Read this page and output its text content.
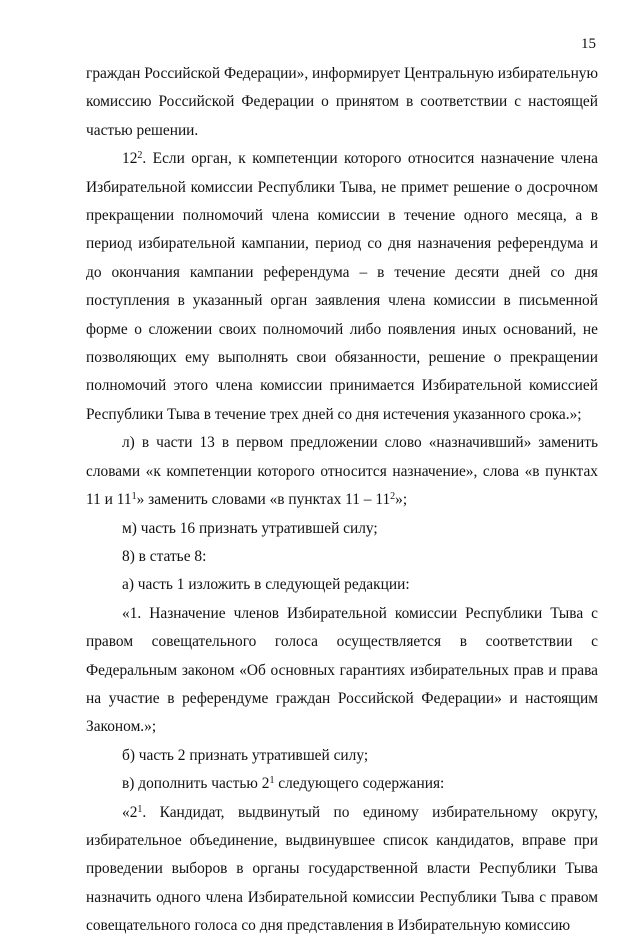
15

граждан Российской Федерации», информирует Центральную избирательную комиссию Российской Федерации о принятом в соответствии с настоящей частью решении.

$12^2$. Если орган, к компетенции которого относится назначение члена Избирательной комиссии Республики Тыва, не примет решение о досрочном прекращении полномочий члена комиссии в течение одного месяца, а в период избирательной кампании, период со дня назначения референдума и до окончания кампании референдума – в течение десяти дней со дня поступления в указанный орган заявления члена комиссии в письменной форме о сложении своих полномочий либо появления иных оснований, не позволяющих ему выполнять свои обязанности, решение о прекращении полномочий этого члена комиссии принимается Избирательной комиссией Республики Тыва в течение трех дней со дня истечения указанного срока.»;

л) в части 13 в первом предложении слово «назначивший» заменить словами «к компетенции которого относится назначение», слова «в пунктах 11 и $11^1$» заменить словами «в пунктах $11 - 11^2$»;

м) часть 16 признать утратившей силу;

8) в статье 8:

а) часть 1 изложить в следующей редакции:

«1. Назначение членов Избирательной комиссии Республики Тыва с правом совещательного голоса осуществляется в соответствии с Федеральным законом «Об основных гарантиях избирательных прав и права на участие в референдуме граждан Российской Федерации» и настоящим Законом.»;

б) часть 2 признать утратившей силу;

в) дополнить частью $2^1$ следующего содержания:

«$2^1$. Кандидат, выдвинутый по единому избирательному округу, избирательное объединение, выдвинувшее список кандидатов, вправе при проведении выборов в органы государственной власти Республики Тыва назначить одного члена Избирательной комиссии Республики Тыва с правом совещательного голоса со дня представления в Избирательную комиссию
